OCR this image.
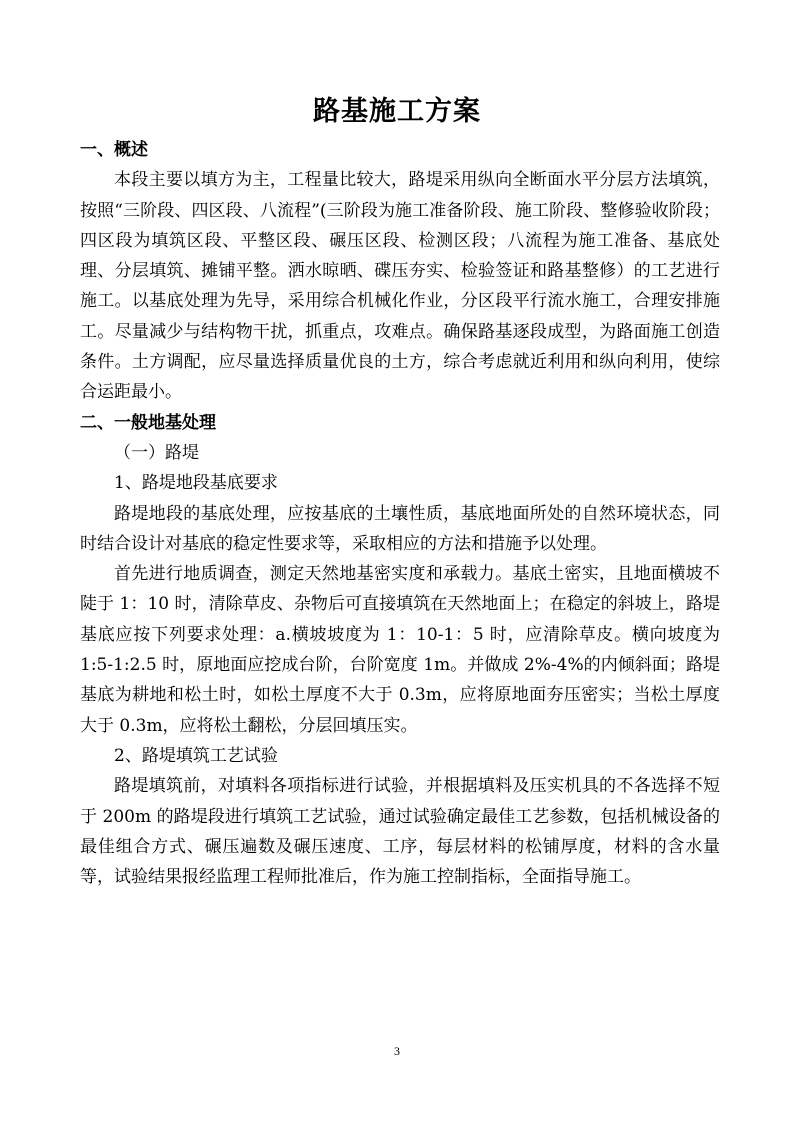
路基施工方案

一、概述

本段主要以填方为主，工程量比较大，路堤采用纵向全断面水平分层方法填筑，按照“三阶段、四区段、八流程”(三阶段为施工准备阶段、施工阶段、整修验收阶段；四区段为填筑区段、平整区段、碾压区段、检测区段；八流程为施工准备、基底处理、分层填筑、摊铺平整。洒水晾晒、碟压夯实、检验签证和路基整修）的工艺进行施工。以基底处理为先导，采用综合机械化作业，分区段平行流水施工，合理安排施工。尽量减少与结构物干扰，抓重点，攻难点。确保路基逐段成型，为路面施工创造条件。土方调配，应尽量选择质量优良的土方，综合考虑就近利用和纵向利用，使综合运距最小。

二、一般地基处理

（一）路堤

1、路堤地段基底要求

路堤地段的基底处理，应按基底的土壤性质，基底地面所处的自然环境状态，同时结合设计对基底的稳定性要求等，采取相应的方法和措施予以处理。

首先进行地质调查，测定天然地基密实度和承载力。基底土密实，且地面横坡不陡于 1：10 时，清除草皮、杂物后可直接填筑在天然地面上；在稳定的斜坡上，路堤基底应按下列要求处理：a.横坡坡度为 1：10-1：5 时，应清除草皮。横向坡度为 1:5-1:2.5 时，原地面应挖成台阶，台阶宽度 1m。并做成 2%-4%的内倾斜面；路堤基底为耕地和松土时，如松土厚度不大于 0.3m，应将原地面夯压密实；当松土厚度大于 0.3m，应将松土翻松，分层回填压实。

2、路堤填筑工艺试验

路堤填筑前，对填料各项指标进行试验，并根据填料及压实机具的不各选择不短于 200m 的路堤段进行填筑工艺试验，通过试验确定最佳工艺参数，包括机械设备的最佳组合方式、碾压遍数及碾压速度、工序，每层材料的松铺厚度，材料的含水量等，试验结果报经监理工程师批准后，作为施工控制指标，全面指导施工。

3
